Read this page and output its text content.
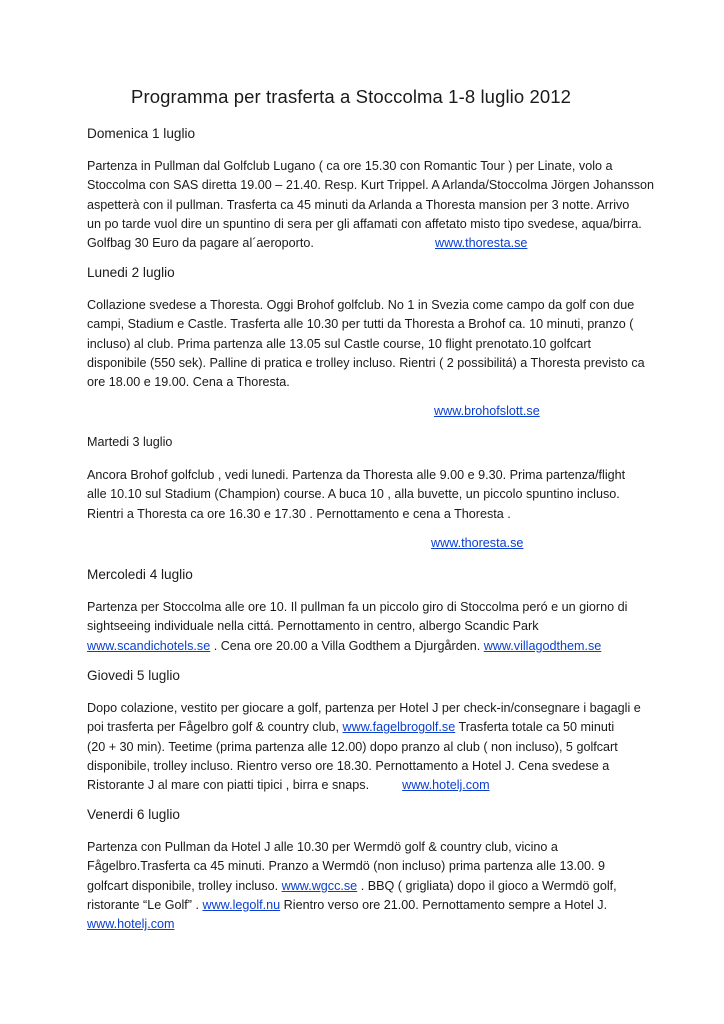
Programma per trasferta a Stoccolma 1-8 luglio 2012
Domenica 1 luglio

Partenza in Pullman dal Golfclub Lugano ( ca ore 15.30 con Romantic Tour ) per Linate, volo a
Stoccolma con SAS diretta 19.00 – 21.40. Resp. Kurt Trippel. A Arlanda/Stoccolma Jörgen Johansson
aspetterà con il pullman. Trasferta ca 45 minuti da Arlanda a Thoresta mansion per 3 notte. Arrivo
un po tarde vuol dire un spuntino di sera per gli affamati con affetato misto tipo svedese, aqua/birra.
Golfbag 30 Euro da pagare al´aeroporto.	www.thoresta.se
Lunedi 2 luglio

Collazione svedese a Thoresta. Oggi Brohof golfclub. No 1 in Svezia come campo da golf con due
campi, Stadium e Castle. Trasferta alle 10.30 per tutti da Thoresta a Brohof ca. 10 minuti, pranzo (
incluso) al club. Prima partenza alle 13.05 sul Castle course, 10 flight prenotato.10 golfcart
disponibile (550 sek). Palline di pratica e trolley incluso. Rientri ( 2 possibilitá) a Thoresta previsto ca
ore 18.00 e 19.00. Cena a Thoresta.

www.brohofslott.se
Martedi 3 luglio

Ancora Brohof golfclub , vedi lunedi. Partenza da Thoresta alle 9.00 e 9.30. Prima partenza/flight
alle 10.10 sul Stadium (Champion) course. A buca 10 , alla buvette, un piccolo spuntino incluso.
Rientri a Thoresta ca ore 16.30 e 17.30 . Pernottamento e cena a Thoresta .

www.thoresta.se
Mercoledi 4 luglio

Partenza per Stoccolma alle ore 10. Il pullman fa un piccolo giro di Stoccolma peró e un giorno di
sightseeing individuale nella cittá. Pernottamento in centro, albergo Scandic Park
www.scandichotels.se . Cena ore 20.00 a Villa Godthem a Djurgården. www.villagodthem.se

Giovedi 5 luglio

Dopo colazione, vestito per giocare a golf, partenza per Hotel J per check-in/consegnare i bagagli e
poi trasferta per Fågelbro golf & country club, www.fagelbrogolf.se Trasferta totale ca 50 minuti
(20 + 30 min). Teetime (prima partenza alle 12.00) dopo pranzo al club ( non incluso), 5 golfcart
disponibile, trolley incluso. Rientro verso ore 18.30. Pernottamento a Hotel J. Cena svedese a
Ristorante J al mare con piatti tipici , birra e snaps.	www.hotelj.com

Venerdi 6 luglio

Partenza con Pullman da Hotel J alle 10.30 per Wermdö golf & country club, vicino a
Fågelbro.Trasferta ca 45 minuti. Pranzo a Wermdö (non incluso) prima partenza alle 13.00. 9
golfcart disponibile, trolley incluso. www.wgcc.se . BBQ ( grigliata) dopo il gioco a Wermdö golf,
ristorante “Le Golf” . www.legolf.nu Rientro verso ore 21.00. Pernottamento sempre a Hotel J.
www.hotelj.com
